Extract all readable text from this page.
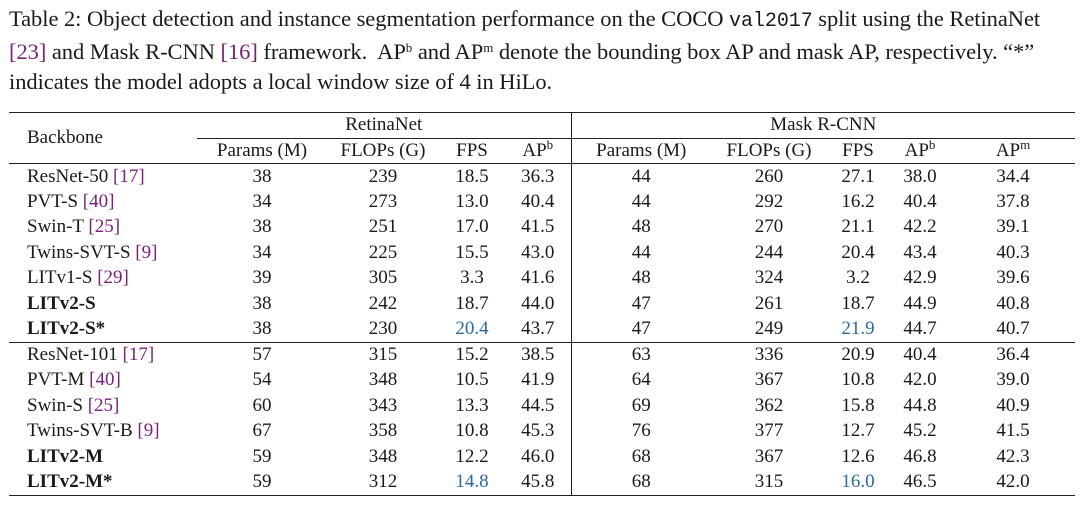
Table 2: Object detection and instance segmentation performance on the COCO val2017 split using the RetinaNet [23] and Mask R-CNN [16] framework. $AP^b$ and $AP^m$ denote the bounding box AP and mask AP, respectively. “*” indicates the model adopts a local window size of 4 in HiLo.
Backbone	RetinaNet				Mask R-CNN				
	Params (M)	FLOPs (G)	FPS	$AP^b$	Params (M)	FLOPs (G)	FPS	$AP^b$	$AP^m$
ResNet-50 [17]	38	239	18.5	36.3	44	260	27.1	38.0	34.4
PVT-S [40]	34	273	13.0	40.4	44	292	16.2	40.4	37.8
Swin-T [25]	38	251	17.0	41.5	48	270	21.1	42.2	39.1
Twins-SVT-S [9]	34	225	15.5	43.0	44	244	20.4	43.4	40.3
LITv1-S [29]	39	305	3.3	41.6	48	324	3.2	42.9	39.6
LITv2-S	38	242	18.7	44.0	47	261	18.7	44.9	40.8
LITv2-S*	38	230	20.4	43.7	47	249	21.9	44.7	40.7
ResNet-101 [17]	57	315	15.2	38.5	63	336	20.9	40.4	36.4
PVT-M [40]	54	348	10.5	41.9	64	367	10.8	42.0	39.0
Swin-S [25]	60	343	13.3	44.5	69	362	15.8	44.8	40.9
Twins-SVT-B [9]	67	358	10.8	45.3	76	377	12.7	45.2	41.5
LITv2-M	59	348	12.2	46.0	68	367	12.6	46.8	42.3
LITv2-M*	59	312	14.8	45.8	68	315	16.0	46.5	42.0
